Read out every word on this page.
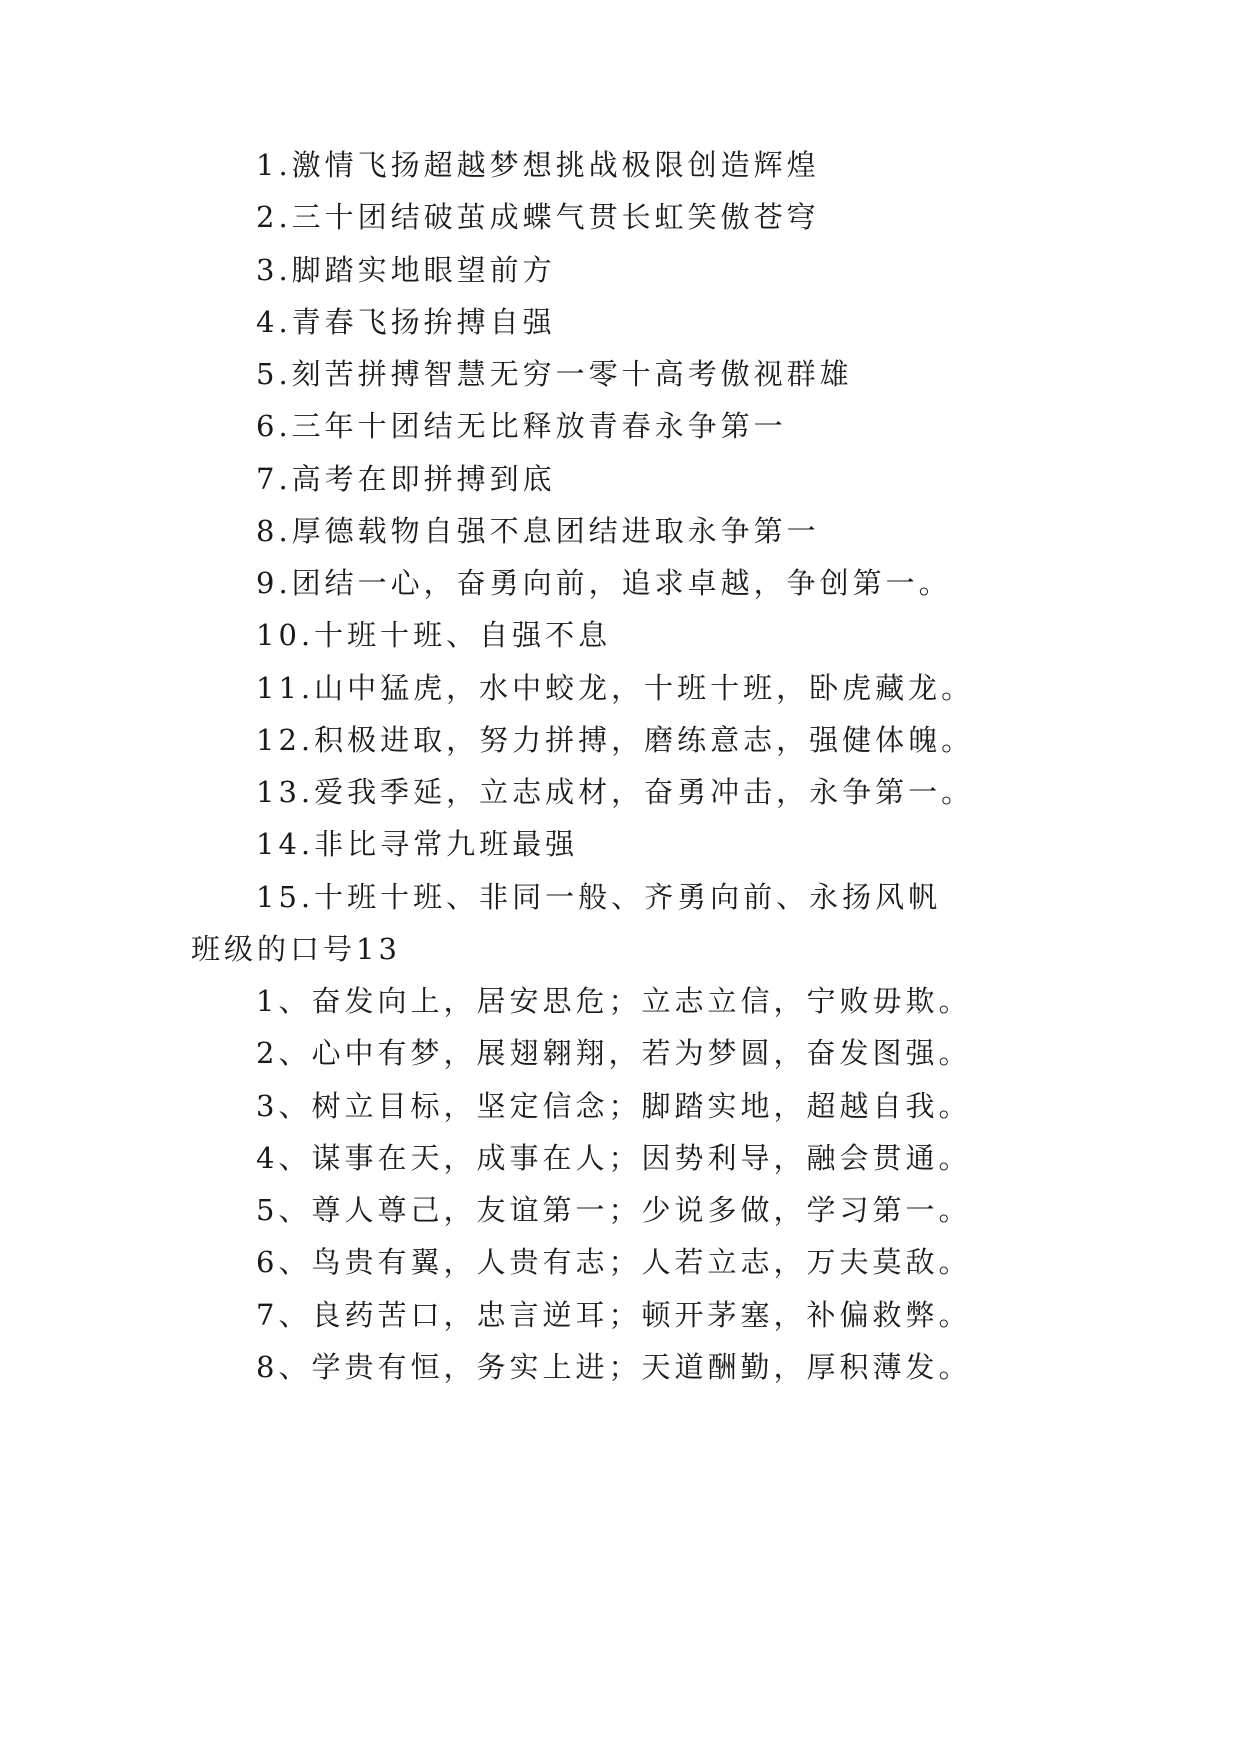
1.激情飞扬超越梦想挑战极限创造辉煌
2.三十团结破茧成蝶气贯长虹笑傲苍穹
3.脚踏实地眼望前方
4.青春飞扬拚搏自强
5.刻苦拼搏智慧无穷一零十高考傲视群雄
6.三年十团结无比释放青春永争第一
7.高考在即拼搏到底
8.厚德载物自强不息团结进取永争第一
9.团结一心，奋勇向前，追求卓越，争创第一。
10.十班十班、自强不息
11.山中猛虎，水中蛟龙，十班十班，卧虎藏龙。
12.积极进取，努力拼搏，磨练意志，强健体魄。
13.爱我季延，立志成材，奋勇冲击，永争第一。
14.非比寻常九班最强
15.十班十班、非同一般、齐勇向前、永扬风帆
班级的口号13
1、奋发向上，居安思危；立志立信，宁败毋欺。
2、心中有梦，展翅翱翔，若为梦圆，奋发图强。
3、树立目标，坚定信念；脚踏实地，超越自我。
4、谋事在天，成事在人；因势利导，融会贯通。
5、尊人尊己，友谊第一；少说多做，学习第一。
6、鸟贵有翼，人贵有志；人若立志，万夫莫敌。
7、良药苦口，忠言逆耳；顿开茅塞，补偏救弊。
8、学贵有恒，务实上进；天道酬勤，厚积薄发。
